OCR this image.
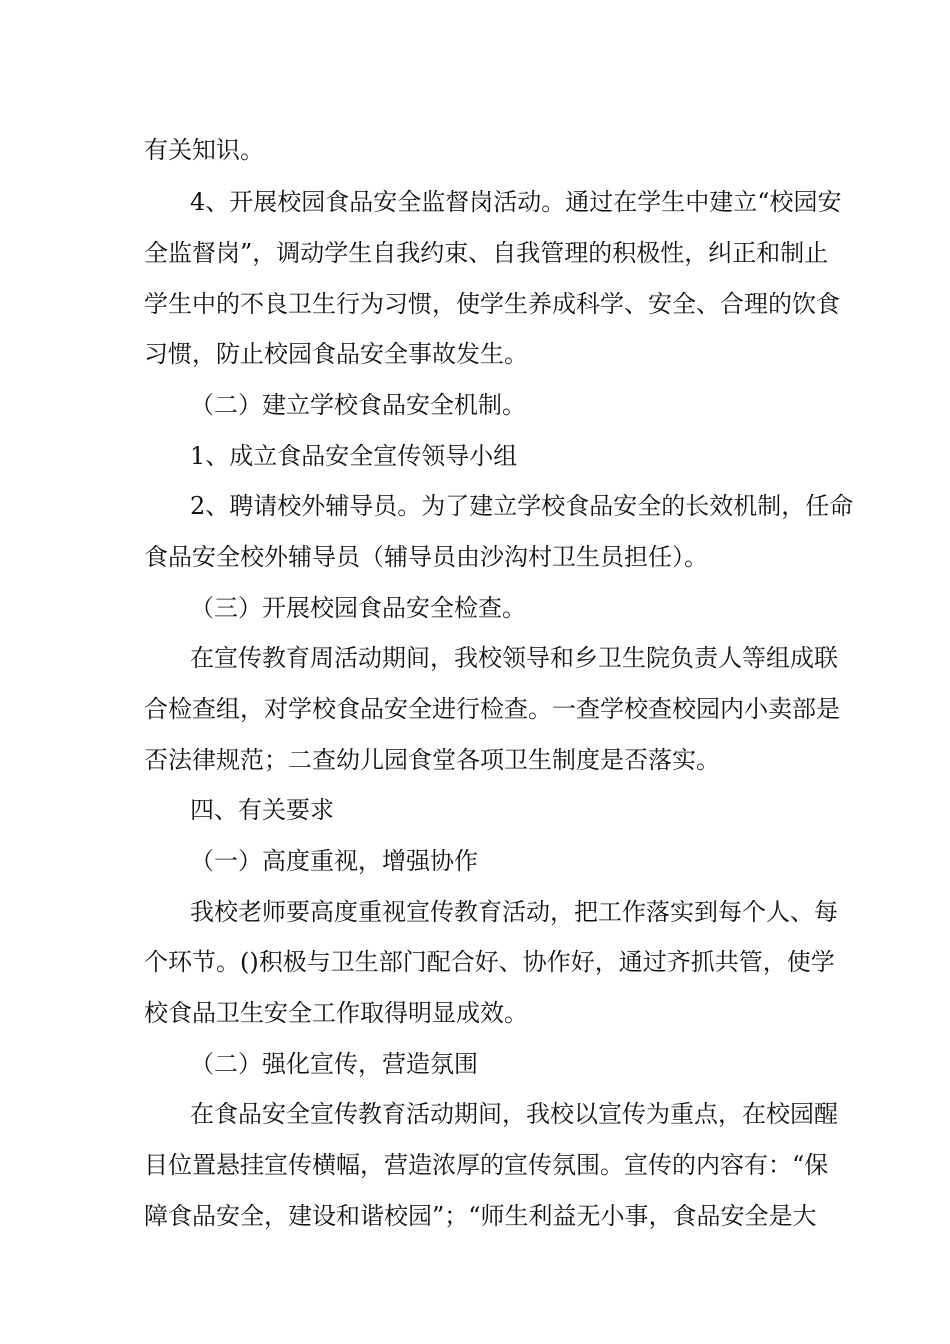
有关知识。
4、开展校园食品安全监督岗活动。通过在学生中建立“校园安
全监督岗”，调动学生自我约束、自我管理的积极性，纠正和制止
学生中的不良卫生行为习惯，使学生养成科学、安全、合理的饮食
习惯，防止校园食品安全事故发生。
（二）建立学校食品安全机制。
1、成立食品安全宣传领导小组
2、聘请校外辅导员。为了建立学校食品安全的长效机制，任命
食品安全校外辅导员（辅导员由沙沟村卫生员担任）。
（三）开展校园食品安全检查。
在宣传教育周活动期间，我校领导和乡卫生院负责人等组成联
合检查组，对学校食品安全进行检查。一查学校查校园内小卖部是
否法律规范；二查幼儿园食堂各项卫生制度是否落实。
四、有关要求
（一）高度重视，增强协作
我校老师要高度重视宣传教育活动，把工作落实到每个人、每
个环节。()积极与卫生部门配合好、协作好，通过齐抓共管，使学
校食品卫生安全工作取得明显成效。
（二）强化宣传，营造氛围
在食品安全宣传教育活动期间，我校以宣传为重点，在校园醒
目位置悬挂宣传横幅，营造浓厚的宣传氛围。宣传的内容有：“保
障食品安全，建设和谐校园”；“师生利益无小事，食品安全是大
